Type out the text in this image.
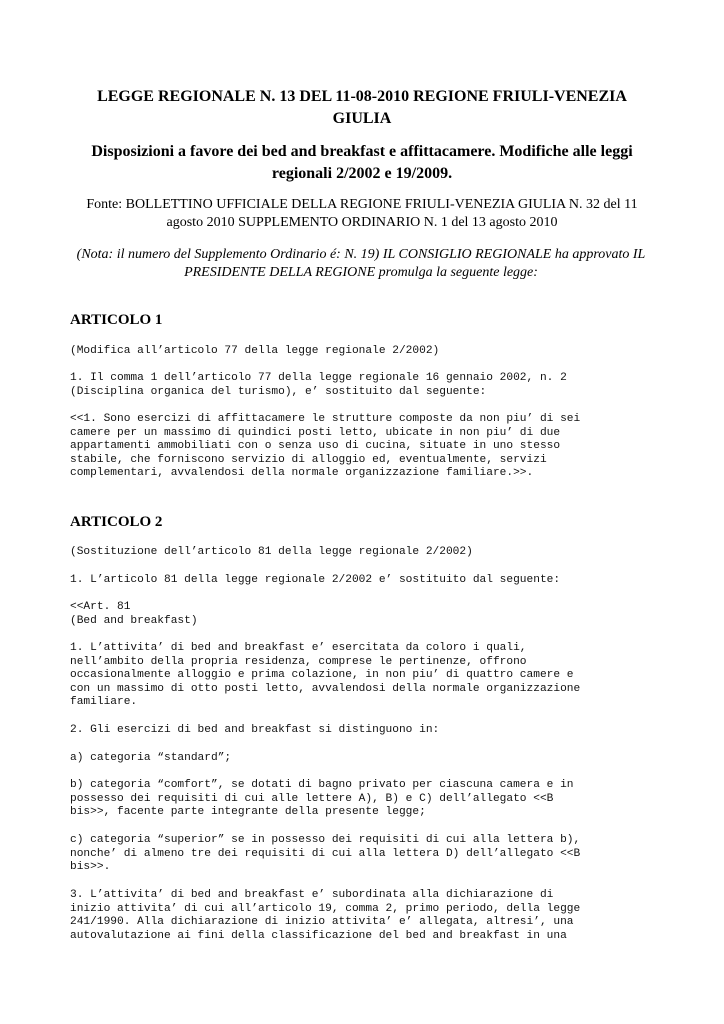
LEGGE REGIONALE N. 13 DEL 11-08-2010 REGIONE FRIULI-VENEZIA GIULIA
Disposizioni a favore dei bed and breakfast e affittacamere. Modifiche alle leggi regionali 2/2002 e 19/2009.
Fonte: BOLLETTINO UFFICIALE DELLA REGIONE FRIULI-VENEZIA GIULIA N. 32 del 11 agosto 2010 SUPPLEMENTO ORDINARIO N. 1 del 13 agosto 2010
(Nota: il numero del Supplemento Ordinario é: N. 19) IL CONSIGLIO REGIONALE ha approvato IL PRESIDENTE DELLA REGIONE promulga la seguente legge:
ARTICOLO 1
(Modifica all’articolo 77 della legge regionale 2/2002)
1. Il comma 1 dell’articolo 77 della legge regionale 16 gennaio 2002, n. 2
(Disciplina organica del turismo), e’ sostituito dal seguente:
<<1. Sono esercizi di affittacamere le strutture composte da non piu’ di sei
camere per un massimo di quindici posti letto, ubicate in non piu’ di due
appartamenti ammobiliati con o senza uso di cucina, situate in uno stesso
stabile, che forniscono servizio di alloggio ed, eventualmente, servizi
complementari, avvalendosi della normale organizzazione familiare.>>.
ARTICOLO 2
(Sostituzione dell’articolo 81 della legge regionale 2/2002)
1. L’articolo 81 della legge regionale 2/2002 e’ sostituito dal seguente:
<<Art. 81
(Bed and breakfast)
1. L’attivita’ di bed and breakfast e’ esercitata da coloro i quali,
nell’ambito della propria residenza, comprese le pertinenze, offrono
occasionalmente alloggio e prima colazione, in non piu’ di quattro camere e
con un massimo di otto posti letto, avvalendosi della normale organizzazione
familiare.
2. Gli esercizi di bed and breakfast si distinguono in:
a) categoria “standard”;
b) categoria “comfort”, se dotati di bagno privato per ciascuna camera e in
possesso dei requisiti di cui alle lettere A), B) e C) dell’allegato <<B
bis>>, facente parte integrante della presente legge;
c) categoria “superior” se in possesso dei requisiti di cui alla lettera b),
nonche’ di almeno tre dei requisiti di cui alla lettera D) dell’allegato <<B
bis>>.
3. L’attivita’ di bed and breakfast e’ subordinata alla dichiarazione di
inizio attivita’ di cui all’articolo 19, comma 2, primo periodo, della legge
241/1990. Alla dichiarazione di inizio attivita’ e’ allegata, altresi’, una
autovalutazione ai fini della classificazione del bed and breakfast in una
